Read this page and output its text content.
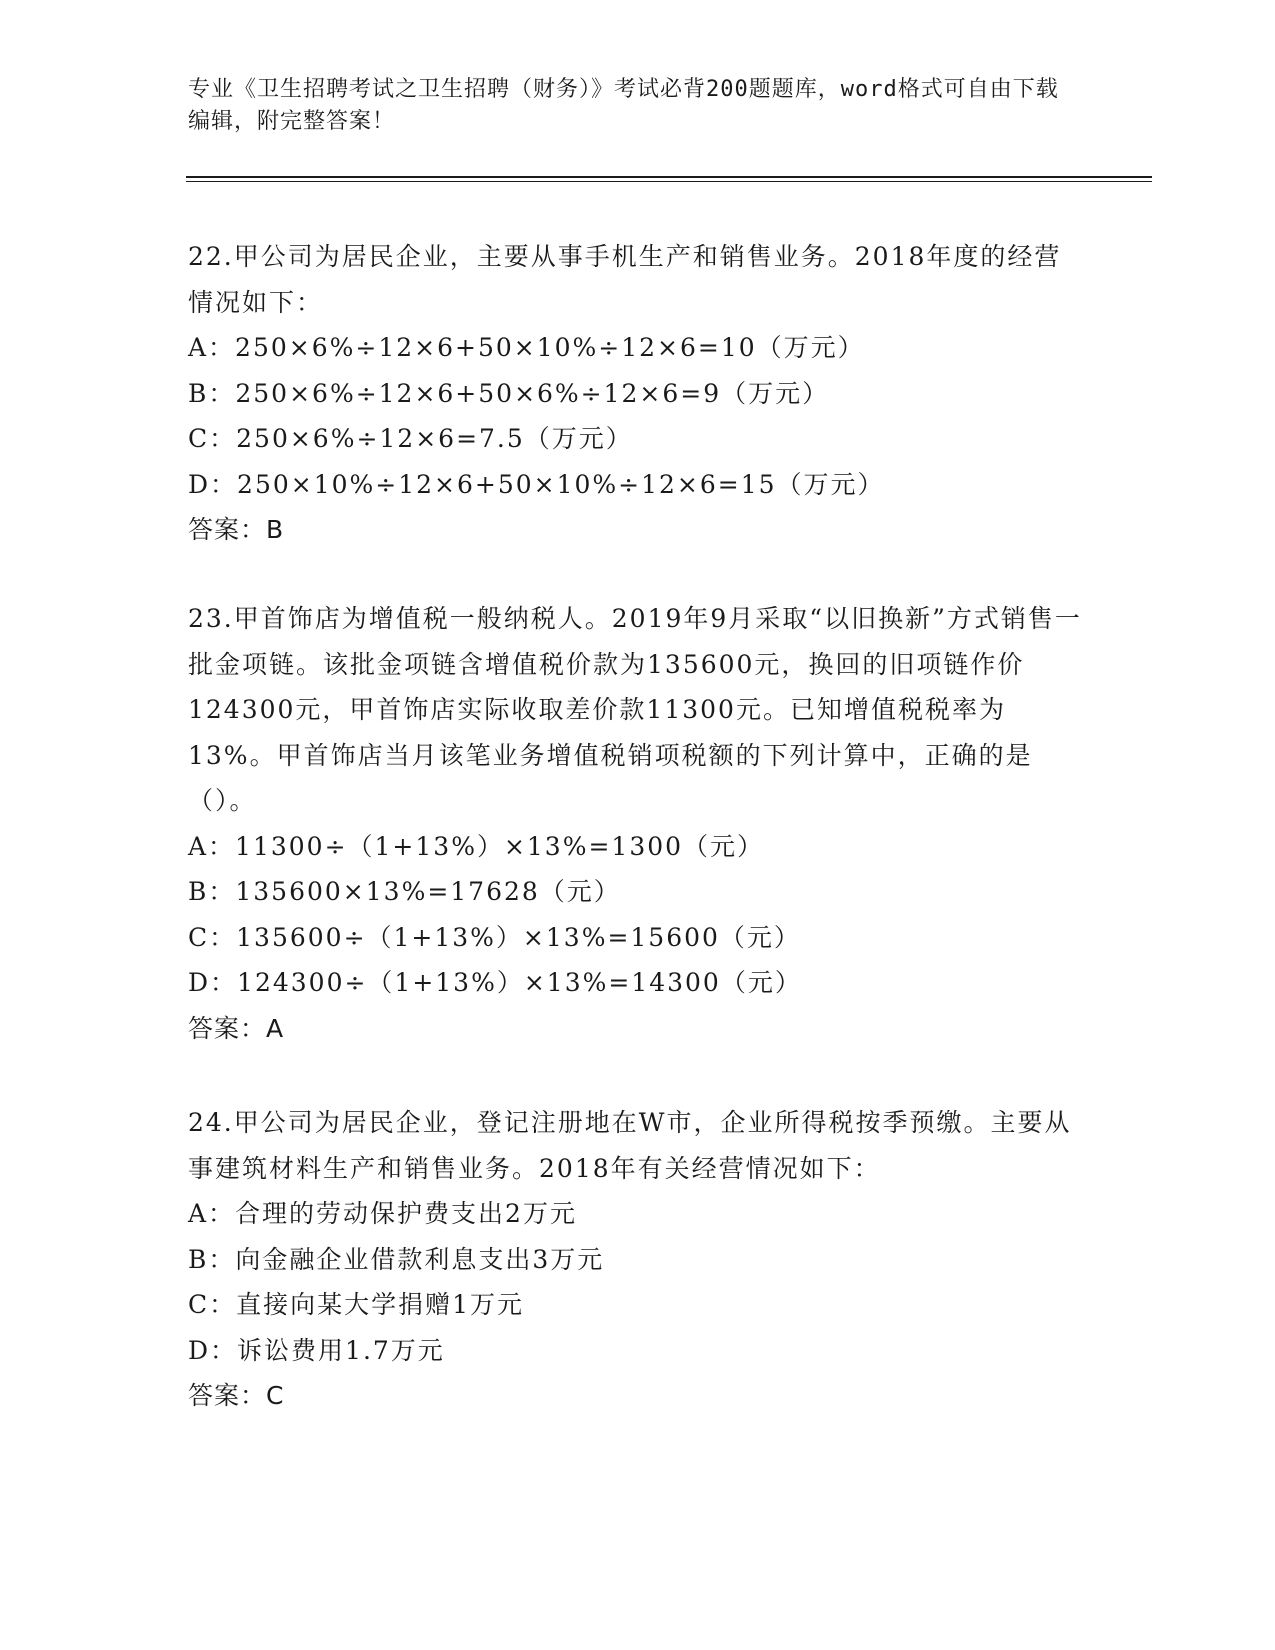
专业《卫生招聘考试之卫生招聘（财务）》考试必背200题题库，word格式可自由下载编辑，附完整答案！
22.甲公司为居民企业，主要从事手机生产和销售业务。2018年度的经营情况如下：
A：250×6%÷12×6+50×10%÷12×6=10（万元）
B：250×6%÷12×6+50×6%÷12×6=9（万元）
C：250×6%÷12×6=7.5（万元）
D：250×10%÷12×6+50×10%÷12×6=15（万元）
答案：B
23.甲首饰店为增值税一般纳税人。2019年9月采取“以旧换新”方式销售一批金项链。该批金项链含增值税价款为135600元，换回的旧项链作价124300元，甲首饰店实际收取差价款11300元。已知增值税税率为13%。甲首饰店当月该笔业务增值税销项税额的下列计算中，正确的是（）。
A：11300÷（1+13%）×13%=1300（元）
B：135600×13%=17628（元）
C：135600÷（1+13%）×13%=15600（元）
D：124300÷（1+13%）×13%=14300（元）
答案：A
24.甲公司为居民企业，登记注册地在W市，企业所得税按季预缴。主要从事建筑材料生产和销售业务。2018年有关经营情况如下：
A：合理的劳动保护费支出2万元
B：向金融企业借款利息支出3万元
C：直接向某大学捐赠1万元
D：诉讼费用1.7万元
答案：C
